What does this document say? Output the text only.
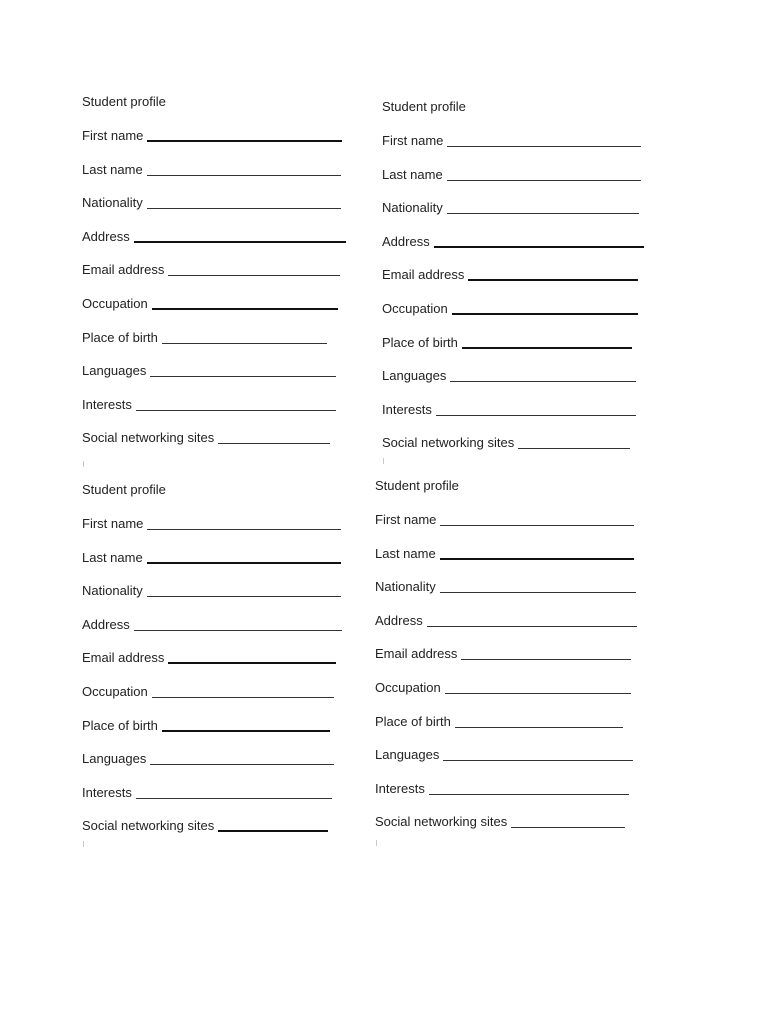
Student profile
First name
Last name
Nationality
Address
Email address
Occupation
Place of birth
Languages
Interests
Social networking sites
Student profile
First name
Last name
Nationality
Address
Email address
Occupation
Place of birth
Languages
Interests
Social networking sites
Student profile
First name
Last name
Nationality
Address
Email address
Occupation
Place of birth
Languages
Interests
Social networking sites
Student profile
First name
Last name
Nationality
Address
Email address
Occupation
Place of birth
Languages
Interests
Social networking sites
